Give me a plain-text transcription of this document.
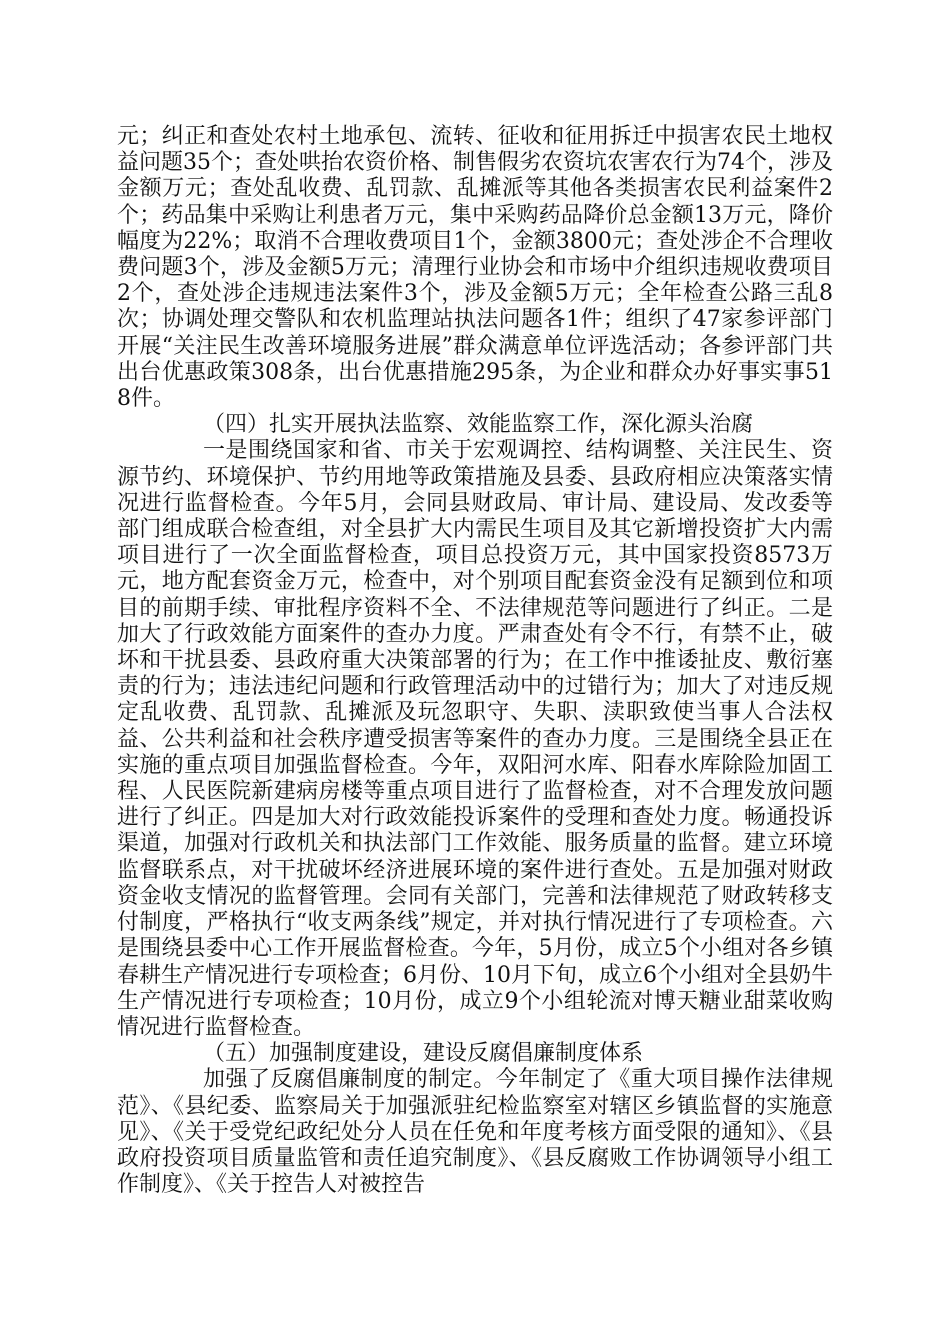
元；纠正和查处农村土地承包、流转、征收和征用拆迁中损害农民土地权益问题35个；查处哄抬农资价格、制售假劣农资坑农害农行为74个，涉及金额万元；查处乱收费、乱罚款、乱摊派等其他各类损害农民利益案件2个；药品集中采购让利患者万元，集中采购药品降价总金额13万元，降价幅度为22%；取消不合理收费项目1个，金额3800元；查处涉企不合理收费问题3个，涉及金额5万元；清理行业协会和市场中介组织违规收费项目2个，查处涉企违规违法案件3个，涉及金额5万元；全年检查公路三乱8次；协调处理交警队和农机监理站执法问题各1件；组织了47家参评部门开展“关注民生改善环境服务进展”群众满意单位评选活动；各参评部门共出台优惠政策308条，出台优惠措施295条，为企业和群众办好事实事518件。

（四）扎实开展执法监察、效能监察工作，深化源头治腐

一是围绕国家和省、市关于宏观调控、结构调整、关注民生、资源节约、环境保护、节约用地等政策措施及县委、县政府相应决策落实情况进行监督检查。今年5月，会同县财政局、审计局、建设局、发改委等部门组成联合检查组，对全县扩大内需民生项目及其它新增投资扩大内需项目进行了一次全面监督检查，项目总投资万元，其中国家投资8573万元，地方配套资金万元，检查中，对个别项目配套资金没有足额到位和项目的前期手续、审批程序资料不全、不法律规范等问题进行了纠正。二是加大了行政效能方面案件的查办力度。严肃查处有令不行，有禁不止，破坏和干扰县委、县政府重大决策部署的行为；在工作中推诿扯皮、敷衍塞责的行为；违法违纪问题和行政管理活动中的过错行为；加大了对违反规定乱收费、乱罚款、乱摊派及玩忽职守、失职、渎职致使当事人合法权益、公共利益和社会秩序遭受损害等案件的查办力度。三是围绕全县正在实施的重点项目加强监督检查。今年，双阳河水库、阳春水库除险加固工程、人民医院新建病房楼等重点项目进行了监督检查，对不合理发放问题进行了纠正。四是加大对行政效能投诉案件的受理和查处力度。畅通投诉渠道，加强对行政机关和执法部门工作效能、服务质量的监督。建立环境监督联系点，对干扰破坏经济进展环境的案件进行查处。五是加强对财政资金收支情况的监督管理。会同有关部门，完善和法律规范了财政转移支付制度，严格执行“收支两条线”规定，并对执行情况进行了专项检查。六是围绕县委中心工作开展监督检查。今年，5月份，成立5个小组对各乡镇春耕生产情况进行专项检查；6月份、10月下旬，成立6个小组对全县奶牛生产情况进行专项检查；10月份，成立9个小组轮流对博天糖业甜菜收购情况进行监督检查。

（五）加强制度建设，建设反腐倡廉制度体系

加强了反腐倡廉制度的制定。今年制定了《重大项目操作法律规范》、《县纪委、监察局关于加强派驻纪检监察室对辖区乡镇监督的实施意见》、《关于受党纪政纪处分人员在任免和年度考核方面受限的通知》、《县政府投资项目质量监管和责任追究制度》、《县反腐败工作协调领导小组工作制度》、《关于控告人对被控告
